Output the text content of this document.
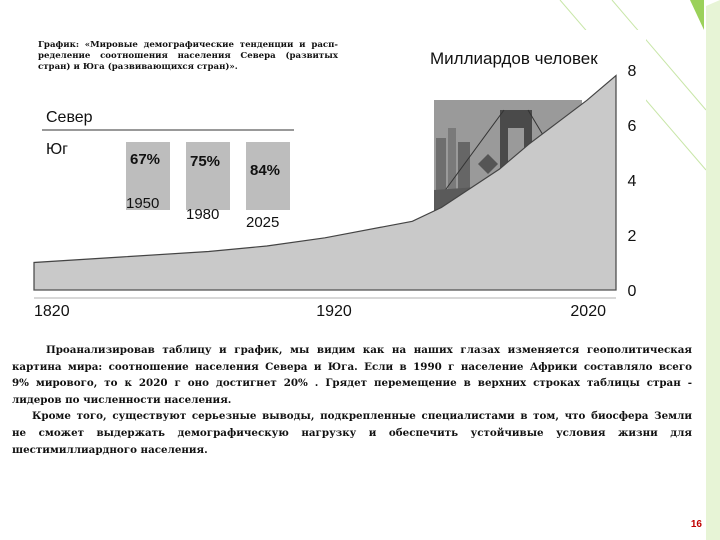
Север
Юг
67% 75%
84%
1950
1980 2025
Миллиардов человек
8
6
4
2
0
1820	1920	2020
График: «Мировые демографические тенденции и расп-
ределение соотношения населения Севера (развитых
стран) и Юга (развивающихся стран)».

Проанализировав таблицу и график, мы видим как на наших глазах изменяется геополитическая
картина мира: соотношение населения Севера и Юга. Если в 1990 г население Африки составляло всего
9% мирового, то к 2020 г оно достигнет 20% . Грядет перемещение в верхних строках таблицы стран -
лидеров по численности населения.

Кроме того, существуют серьезные выводы, подкрепленные специалистами в том, что биосфера Земли
не сможет выдержать демографическую нагрузку и обеспечить устойчивые условия жизни для
шестимиллиардного населения.

16
